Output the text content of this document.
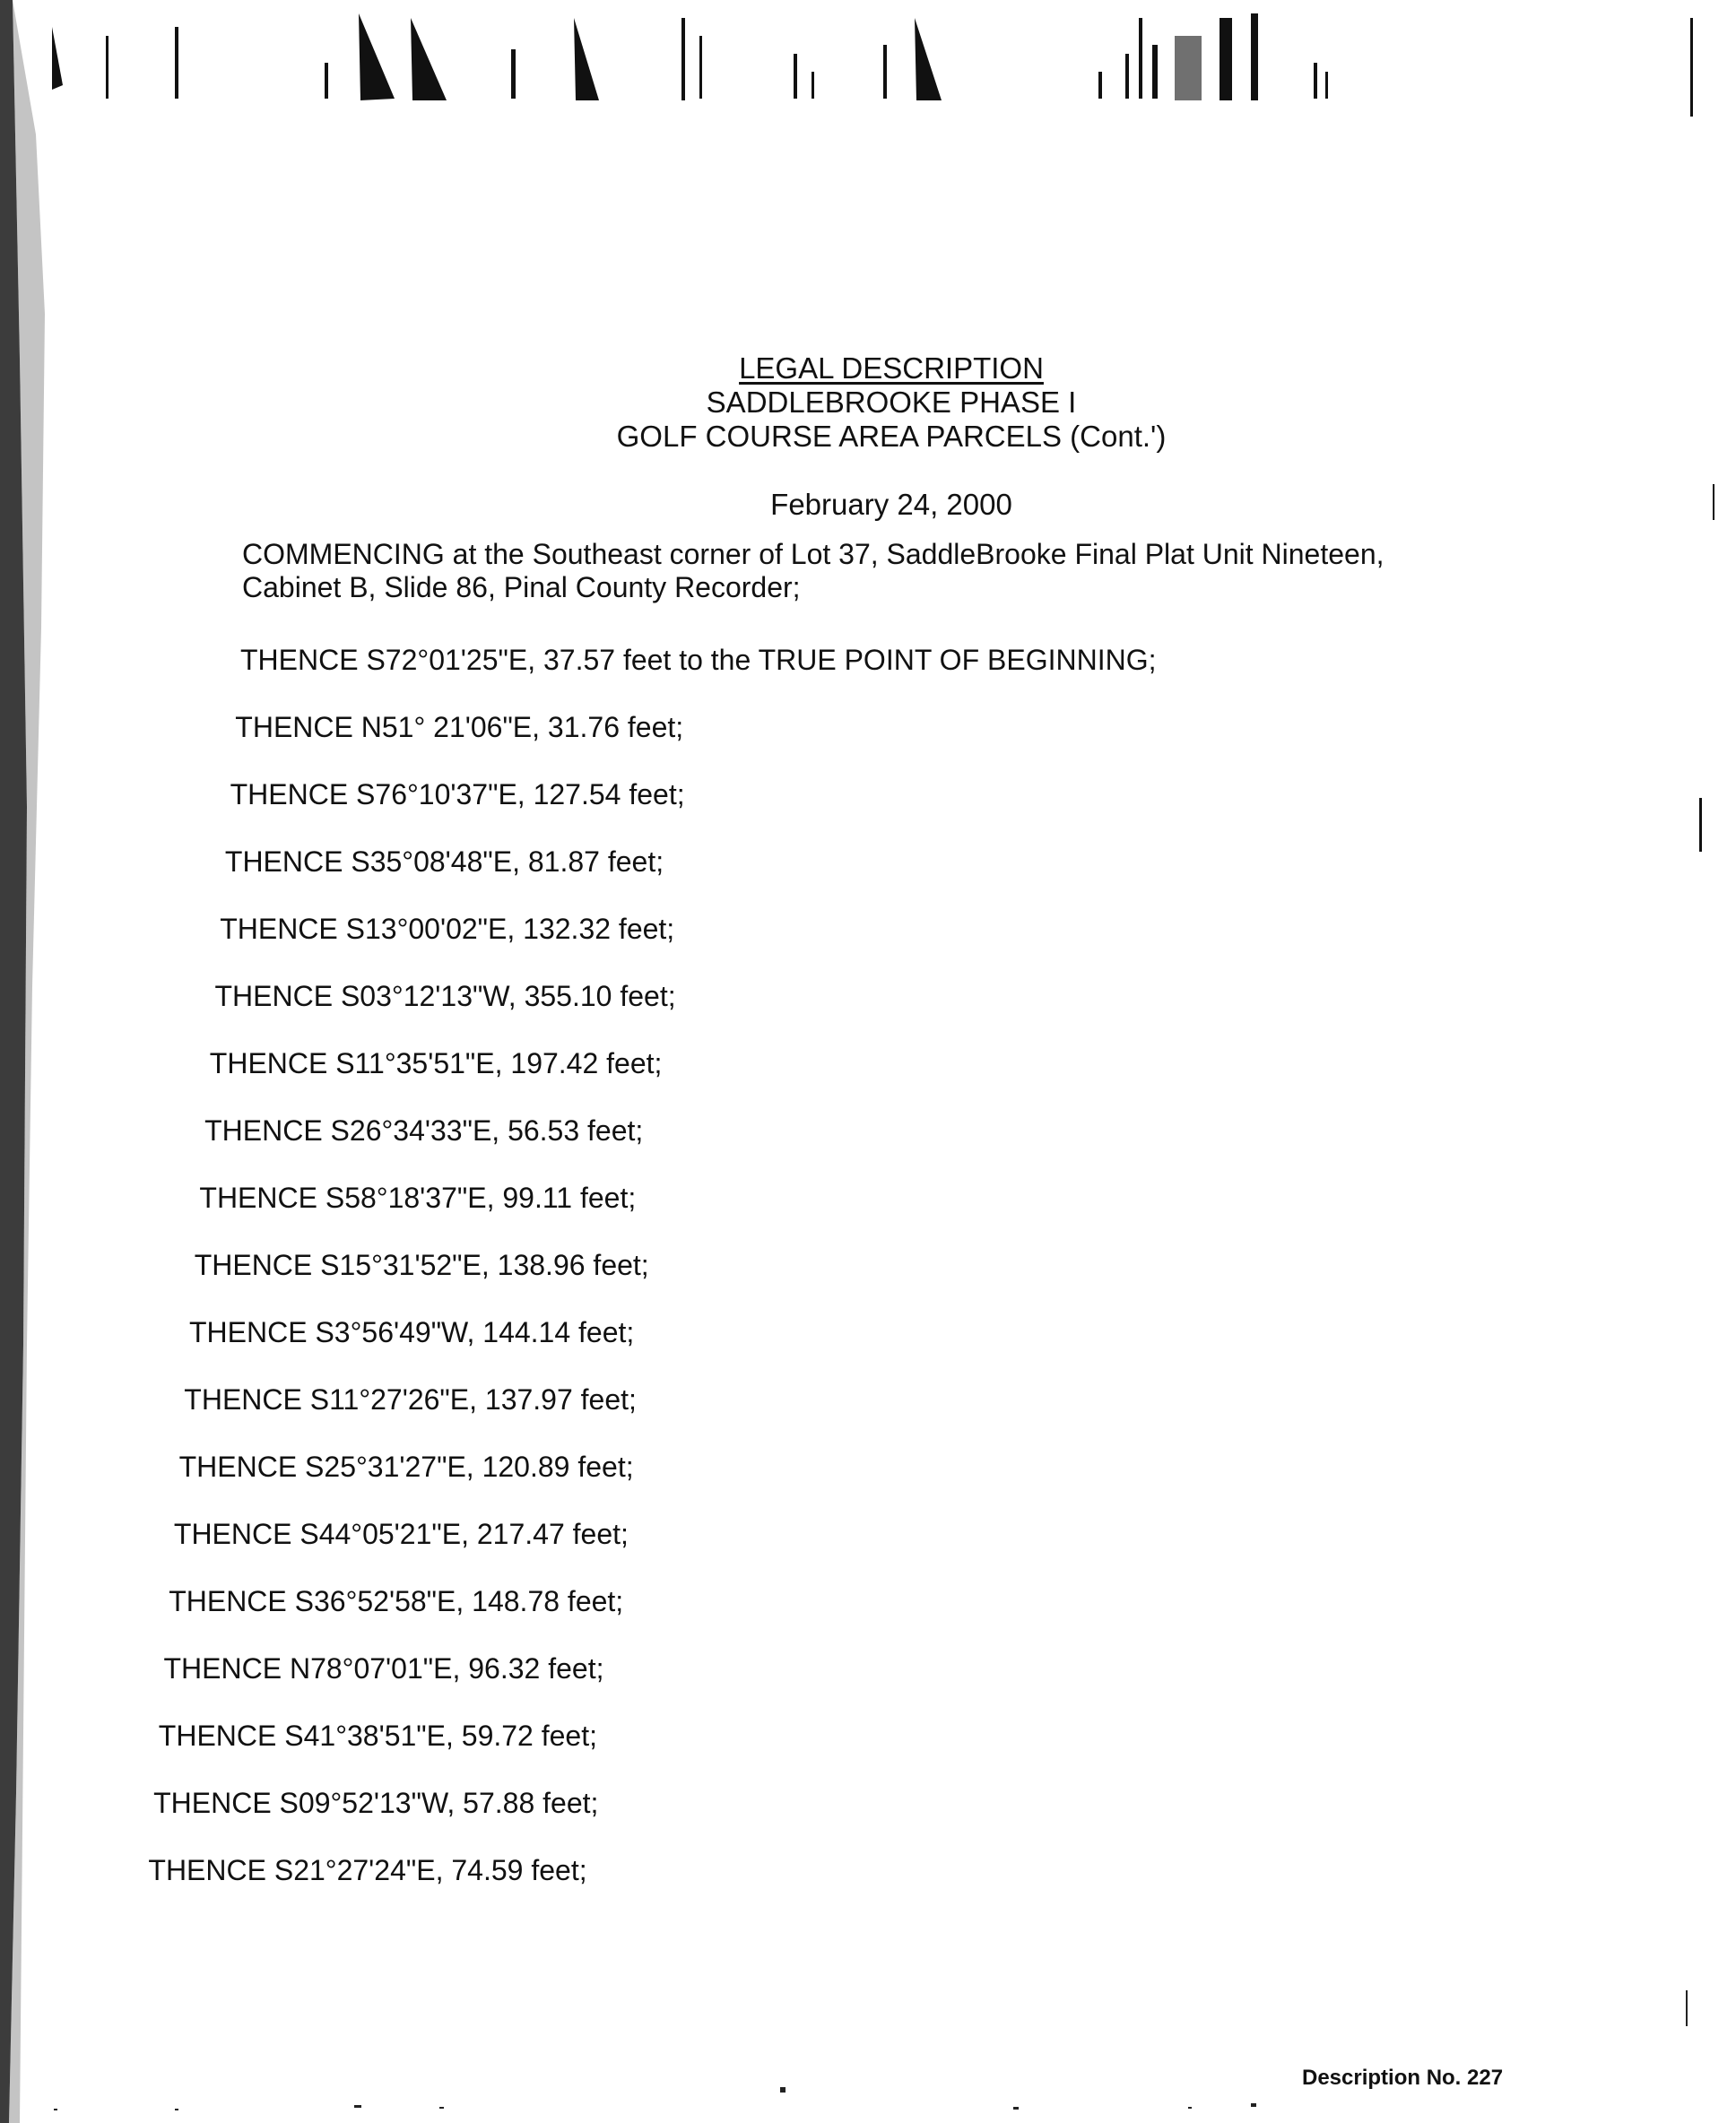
LEGAL DESCRIPTION
SADDLEBROOKE PHASE I
GOLF COURSE AREA PARCELS (Cont.')
February 24, 2000
COMMENCING at the Southeast corner of Lot 37, SaddleBrooke Final Plat Unit Nineteen, Cabinet B, Slide 86, Pinal County Recorder;
THENCE S72°01'25"E, 37.57 feet to the TRUE POINT OF BEGINNING;
THENCE N51° 21'06"E, 31.76 feet;
THENCE S76°10'37"E, 127.54 feet;
THENCE S35°08'48"E, 81.87 feet;
THENCE S13°00'02"E, 132.32 feet;
THENCE S03°12'13"W, 355.10 feet;
THENCE S11°35'51"E, 197.42 feet;
THENCE S26°34'33"E, 56.53 feet;
THENCE S58°18'37"E, 99.11 feet;
THENCE S15°31'52"E, 138.96 feet;
THENCE S3°56'49"W, 144.14 feet;
THENCE S11°27'26"E, 137.97 feet;
THENCE S25°31'27"E, 120.89 feet;
THENCE S44°05'21"E, 217.47 feet;
THENCE S36°52'58"E, 148.78 feet;
THENCE N78°07'01"E, 96.32 feet;
THENCE S41°38'51"E, 59.72 feet;
THENCE S09°52'13"W, 57.88 feet;
THENCE S21°27'24"E, 74.59 feet;
Description No. 227
